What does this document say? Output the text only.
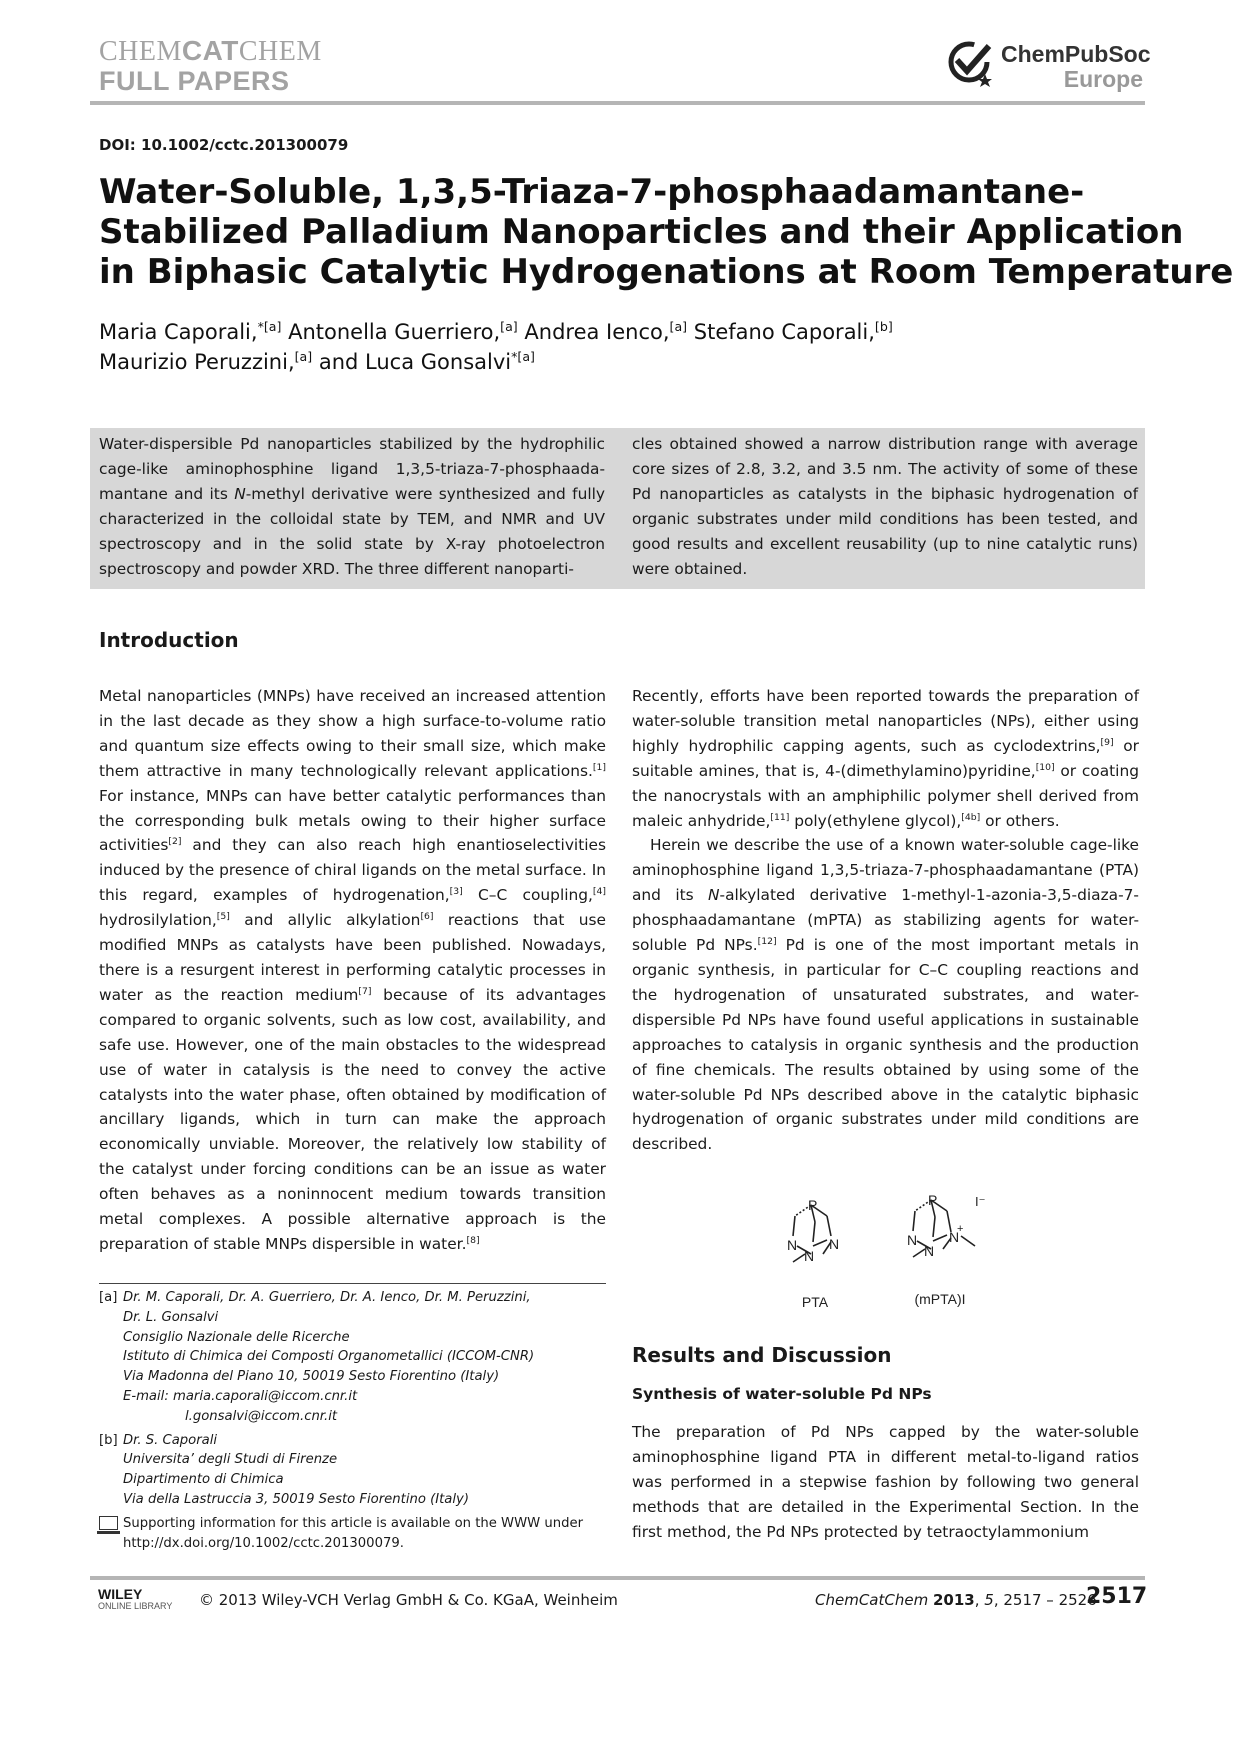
CHEMCATCHEM
FULL PAPERS
ChemPubSoc
Europe
DOI: 10.1002/cctc.201300079
Water-Soluble, 1,3,5-Triaza-7-phosphaadamantane-
Stabilized Palladium Nanoparticles and their Application
in Biphasic Catalytic Hydrogenations at Room Temperature
Maria Caporali,$^{*[a]}$ Antonella Guerriero,[a] Andrea Ienco,[a] Stefano Caporali,[b]
Maurizio Peruzzini,[a] and Luca Gonsalvi$^{*[a]}$
Water-dispersible Pd nanoparticles stabilized by the hydrophilic cage-like aminophosphine ligand 1,3,5-triaza-7-phosphaada-mantane and its N-methyl derivative were synthesized and fully characterized in the colloidal state by TEM, and NMR and UV spectroscopy and in the solid state by X-ray photoelectron spectroscopy and powder XRD. The three different nanoparti-
cles obtained showed a narrow distribution range with average core sizes of 2.8, 3.2, and 3.5 nm. The activity of some of these Pd nanoparticles as catalysts in the biphasic hydrogenation of organic substrates under mild conditions has been tested, and good results and excellent reusability (up to nine catalytic runs) were obtained.
Introduction

Metal nanoparticles (MNPs) have received an increased attention in the last decade as they show a high surface-to-volume ratio and quantum size effects owing to their small size, which make them attractive in many technologically relevant applications.[1] For instance, MNPs can have better catalytic performances than the corresponding bulk metals owing to their higher surface activities[2] and they can also reach high enantioselectivities induced by the presence of chiral ligands on the metal surface. In this regard, examples of hydrogenation,[3] C–C coupling,[4] hydrosilylation,[5] and allylic alkylation[6] reactions that use modified MNPs as catalysts have been published. Nowadays, there is a resurgent interest in performing catalytic processes in water as the reaction medium[7] because of its advantages compared to organic solvents, such as low cost, availability, and safe use. However, one of the main obstacles to the widespread use of water in catalysis is the need to convey the active catalysts into the water phase, often obtained by modification of ancillary ligands, which in turn can make the approach economically unviable. Moreover, the relatively low stability of the catalyst under forcing conditions can be an issue as water often behaves as a noninnocent medium towards transition metal complexes. A possible alternative approach is the preparation of stable MNPs dispersible in water.[8]

Recently, efforts have been reported towards the preparation of water-soluble transition metal nanoparticles (NPs), either using highly hydrophilic capping agents, such as cyclodextrins,[9] or suitable amines, that is, 4-(dimethylamino)pyridine,[10] or coating the nanocrystals with an amphiphilic polymer shell derived from maleic anhydride,[11] poly(ethylene glycol),[4b] or others.

Herein we describe the use of a known water-soluble cage-like aminophosphine ligand 1,3,5-triaza-7-phosphaadamantane (PTA) and its N-alkylated derivative 1-methyl-1-azonia-3,5-diaza-7-phosphaadamantane (mPTA) as stabilizing agents for water-soluble Pd NPs.[12] Pd is one of the most important metals in organic synthesis, in particular for C–C coupling reactions and the hydrogenation of unsaturated substrates, and water-dispersible Pd NPs have found useful applications in sustainable approaches to catalysis in organic synthesis and the production of fine chemicals. The results obtained by using some of the water-soluble Pd NPs described above in the catalytic biphasic hydrogenation of organic substrates under mild conditions are described.

P
N N
N
P
N N
+
N
I⁻
PTA	(mPTA)I
Results and Discussion
Synthesis of water-soluble Pd NPs
The preparation of Pd NPs capped by the water-soluble aminophosphine ligand PTA in different metal-to-ligand ratios was performed in a stepwise fashion by following two general methods that are detailed in the Experimental Section. In the first method, the Pd NPs protected by tetraoctylammonium
[a] Dr. M. Caporali, Dr. A. Guerriero, Dr. A. Ienco, Dr. M. Peruzzini,
Dr. L. Gonsalvi
Consiglio Nazionale delle Ricerche
Istituto di Chimica dei Composti Organometallici (ICCOM-CNR)
Via Madonna del Piano 10, 50019 Sesto Fiorentino (Italy)
E-mail: maria.caporali@iccom.cnr.it
l.gonsalvi@iccom.cnr.it
[b] Dr. S. Caporali
Universita’ degli Studi di Firenze
Dipartimento di Chimica
Via della Lastruccia 3, 50019 Sesto Fiorentino (Italy)
Supporting information for this article is available on the WWW under http://dx.doi.org/10.1002/cctc.201300079.
WILEY
ONLINE LIBRARY © 2013 Wiley-VCH Verlag GmbH & Co. KGaA, Weinheim	ChemCatChem 2013, 5, 2517 – 2526
2517
